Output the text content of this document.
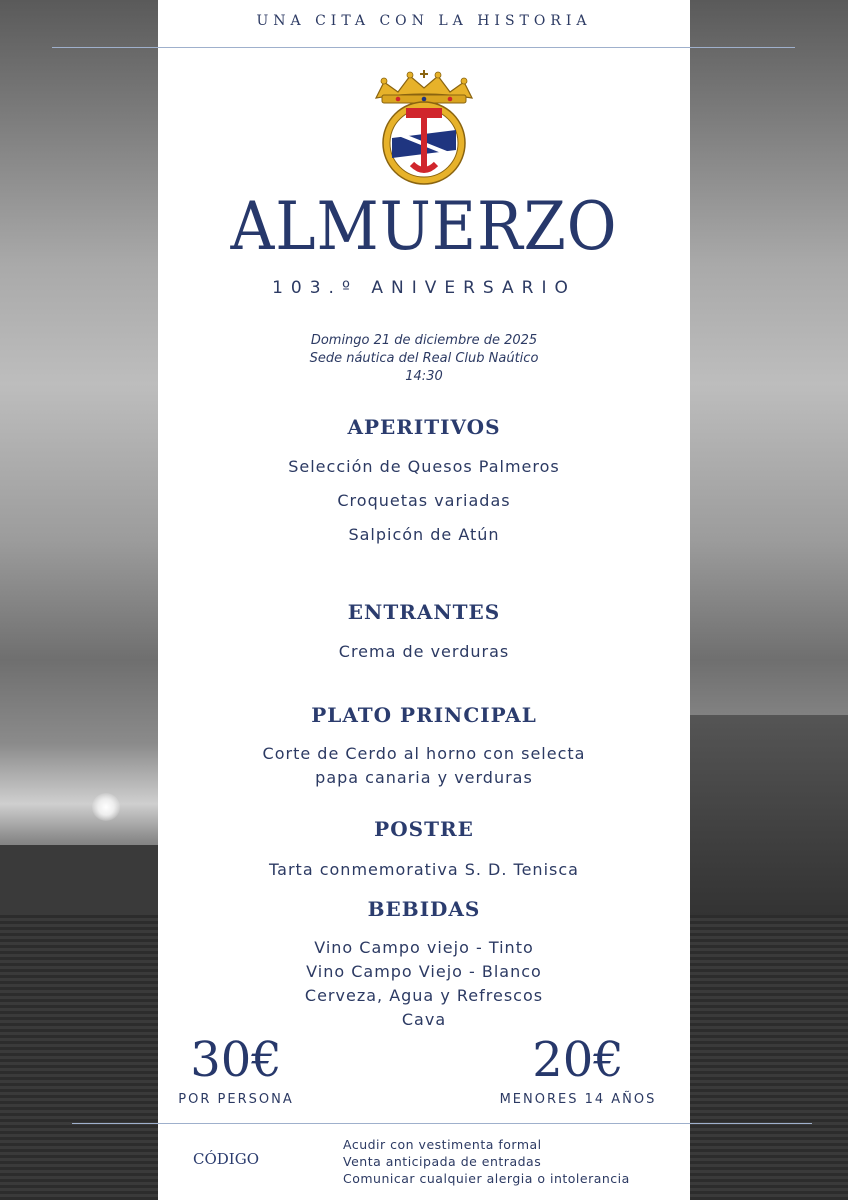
UNA CITA CON LA HISTORIA
ALMUERZO
103.º ANIVERSARIO
Domingo 21 de diciembre de 2025
Sede náutica del Real Club Naútico
14:30
APERITIVOS
Selección de Quesos Palmeros
Croquetas variadas
Salpicón de Atún
ENTRANTES
Crema de verduras
PLATO PRINCIPAL
Corte de Cerdo al horno con selecta
papa canaria y verduras
POSTRE
Tarta conmemorativa S. D. Tenisca
BEBIDAS
Vino Campo viejo - Tinto
Vino Campo Viejo - Blanco
Cerveza, Agua y Refrescos
Cava
30€
POR PERSONA
20€
MENORES 14 AÑOS
CÓDIGO
Acudir con vestimenta formal
Venta anticipada de entradas
Comunicar cualquier alergia o intolerancia
